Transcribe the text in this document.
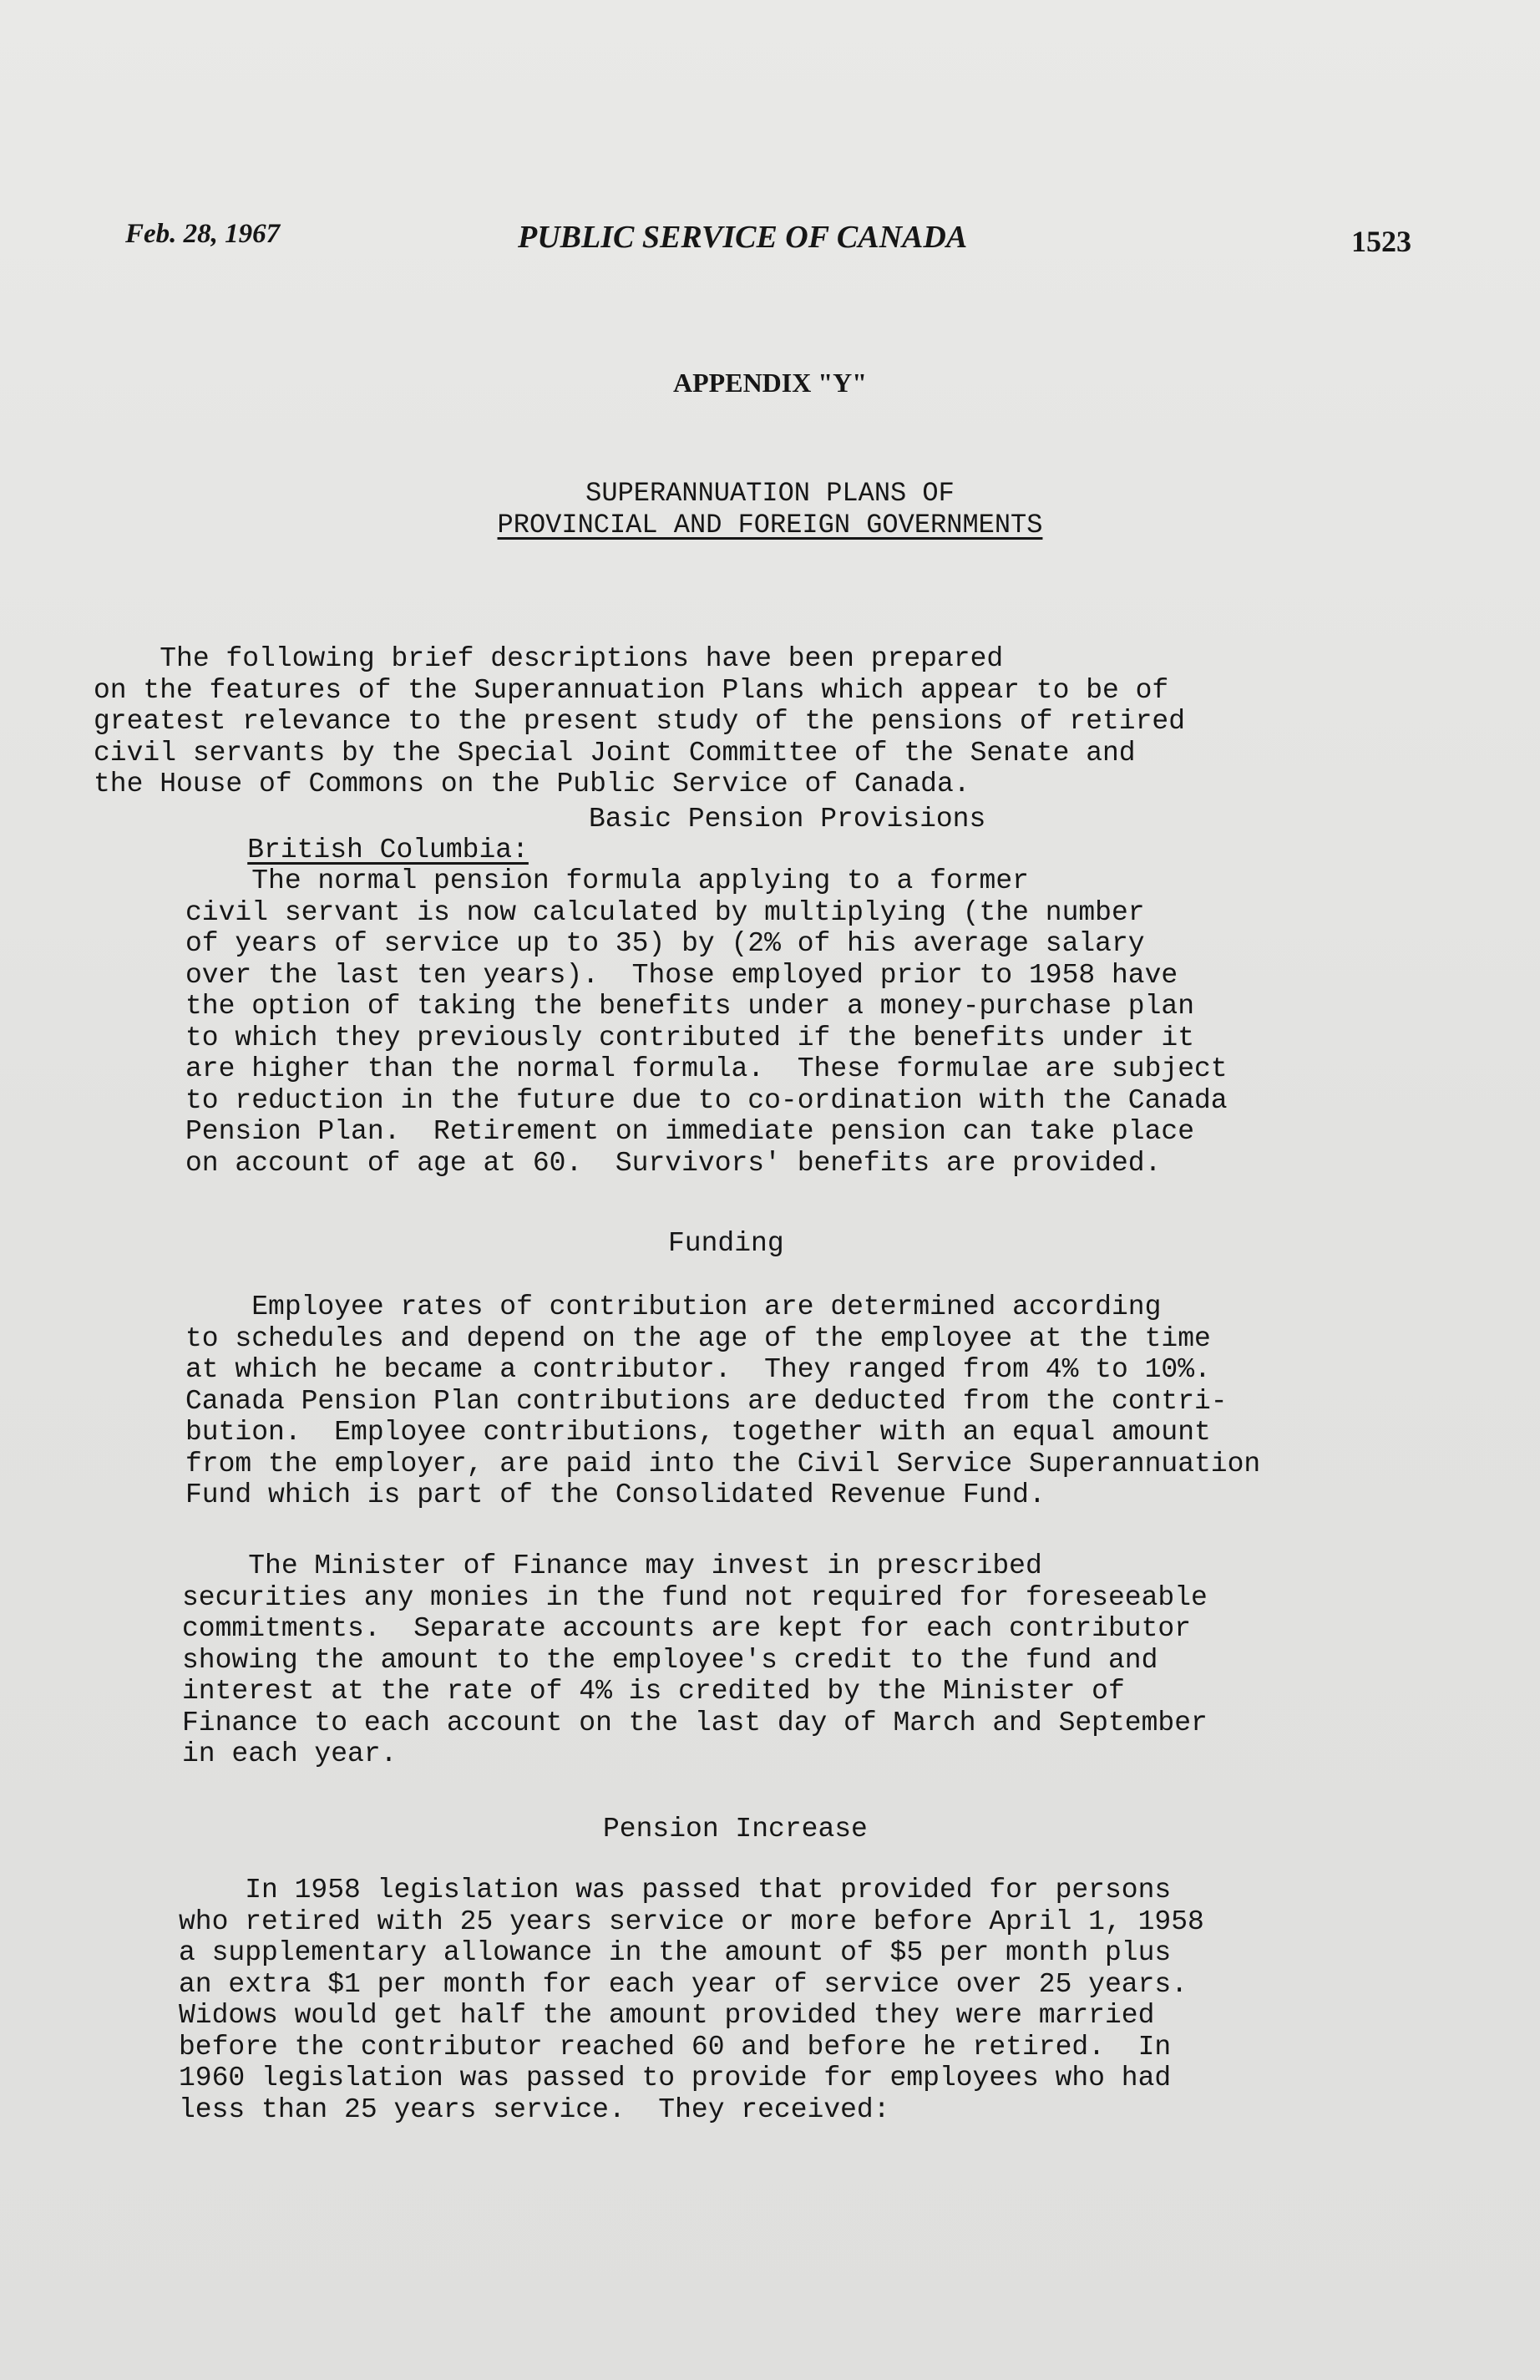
Feb. 28, 1967	PUBLIC SERVICE OF CANADA	1523
APPENDIX "Y"
SUPERANNUATION PLANS OF
PROVINCIAL AND FOREIGN GOVERNMENTS
The following brief descriptions have been prepared
on the features of the Superannuation Plans which appear to be of
greatest relevance to the present study of the pensions of retired
civil servants by the Special Joint Committee of the Senate and
the House of Commons on the Public Service of Canada.

British Columbia:

Basic Pension Provisions
The normal pension formula applying to a former
civil servant is now calculated by multiplying (the number
of years of service up to 35) by (2% of his average salary
over the last ten years).  Those employed prior to 1958 have
the option of taking the benefits under a money-purchase plan
to which they previously contributed if the benefits under it
are higher than the normal formula.  These formulae are subject
to reduction in the future due to co-ordination with the Canada
Pension Plan.  Retirement on immediate pension can take place
on account of age at 60.  Survivors' benefits are provided.
Funding
Employee rates of contribution are determined according
to schedules and depend on the age of the employee at the time
at which he became a contributor.  They ranged from 4% to 10%.
Canada Pension Plan contributions are deducted from the contri-
bution.  Employee contributions, together with an equal amount
from the employer, are paid into the Civil Service Superannuation
Fund which is part of the Consolidated Revenue Fund.
The Minister of Finance may invest in prescribed
securities any monies in the fund not required for foreseeable
commitments.  Separate accounts are kept for each contributor
showing the amount to the employee's credit to the fund and
interest at the rate of 4% is credited by the Minister of
Finance to each account on the last day of March and September
in each year.
Pension Increase
In 1958 legislation was passed that provided for persons
who retired with 25 years service or more before April 1, 1958
a supplementary allowance in the amount of $5 per month plus
an extra $1 per month for each year of service over 25 years.
Widows would get half the amount provided they were married
before the contributor reached 60 and before he retired.  In
1960 legislation was passed to provide for employees who had
less than 25 years service.  They received:
